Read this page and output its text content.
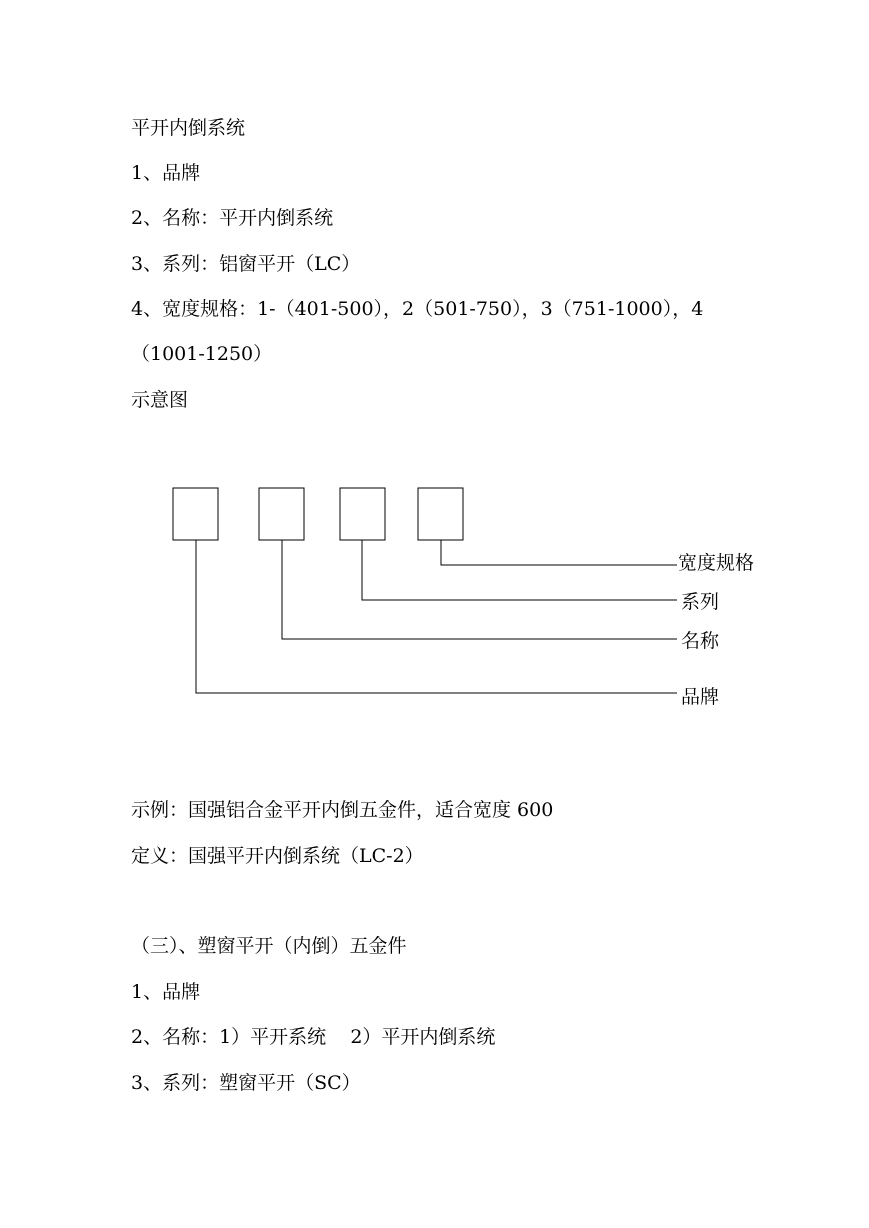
平开内倒系统
1、品牌
2、名称：平开内倒系统
3、系列：铝窗平开（LC）
4、宽度规格：1-（401-500），2（501-750），3（751-1000），4
（1001-1250）
示意图
宽度规格
系列
名称
品牌
示例：国强铝合金平开内倒五金件，适合宽度 600
定义：国强平开内倒系统（LC-2）
（三）、塑窗平开（内倒）五金件
1、品牌
2、名称：1）平开系统    2）平开内倒系统
3、系列：塑窗平开（SC）
